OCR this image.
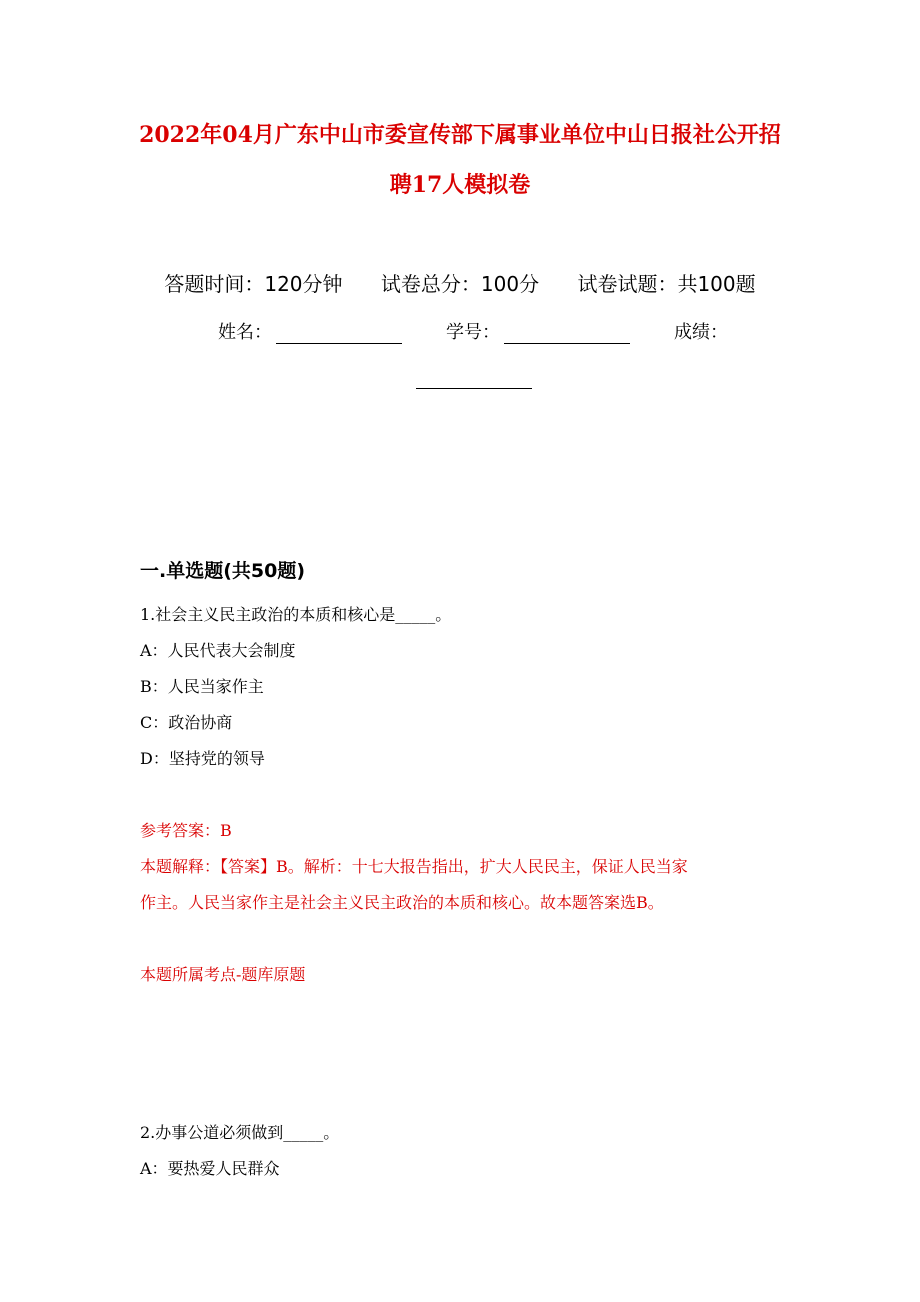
2022年04月广东中山市委宣传部下属事业单位中山日报社公开招
聘17人模拟卷
答题时间：120分钟 试卷总分：100分 试卷试题：共100题
姓名：	学号：	成绩：
一.单选题(共50题)
1.社会主义民主政治的本质和核心是_____。
A：人民代表大会制度
B：人民当家作主
C：政治协商
D：坚持党的领导
参考答案：B
本题解释：【答案】B。解析：十七大报告指出，扩大人民民主，保证人民当家
作主。人民当家作主是社会主义民主政治的本质和核心。故本题答案选B。
本题所属考点-题库原题
2.办事公道必须做到_____。
A：要热爱人民群众
